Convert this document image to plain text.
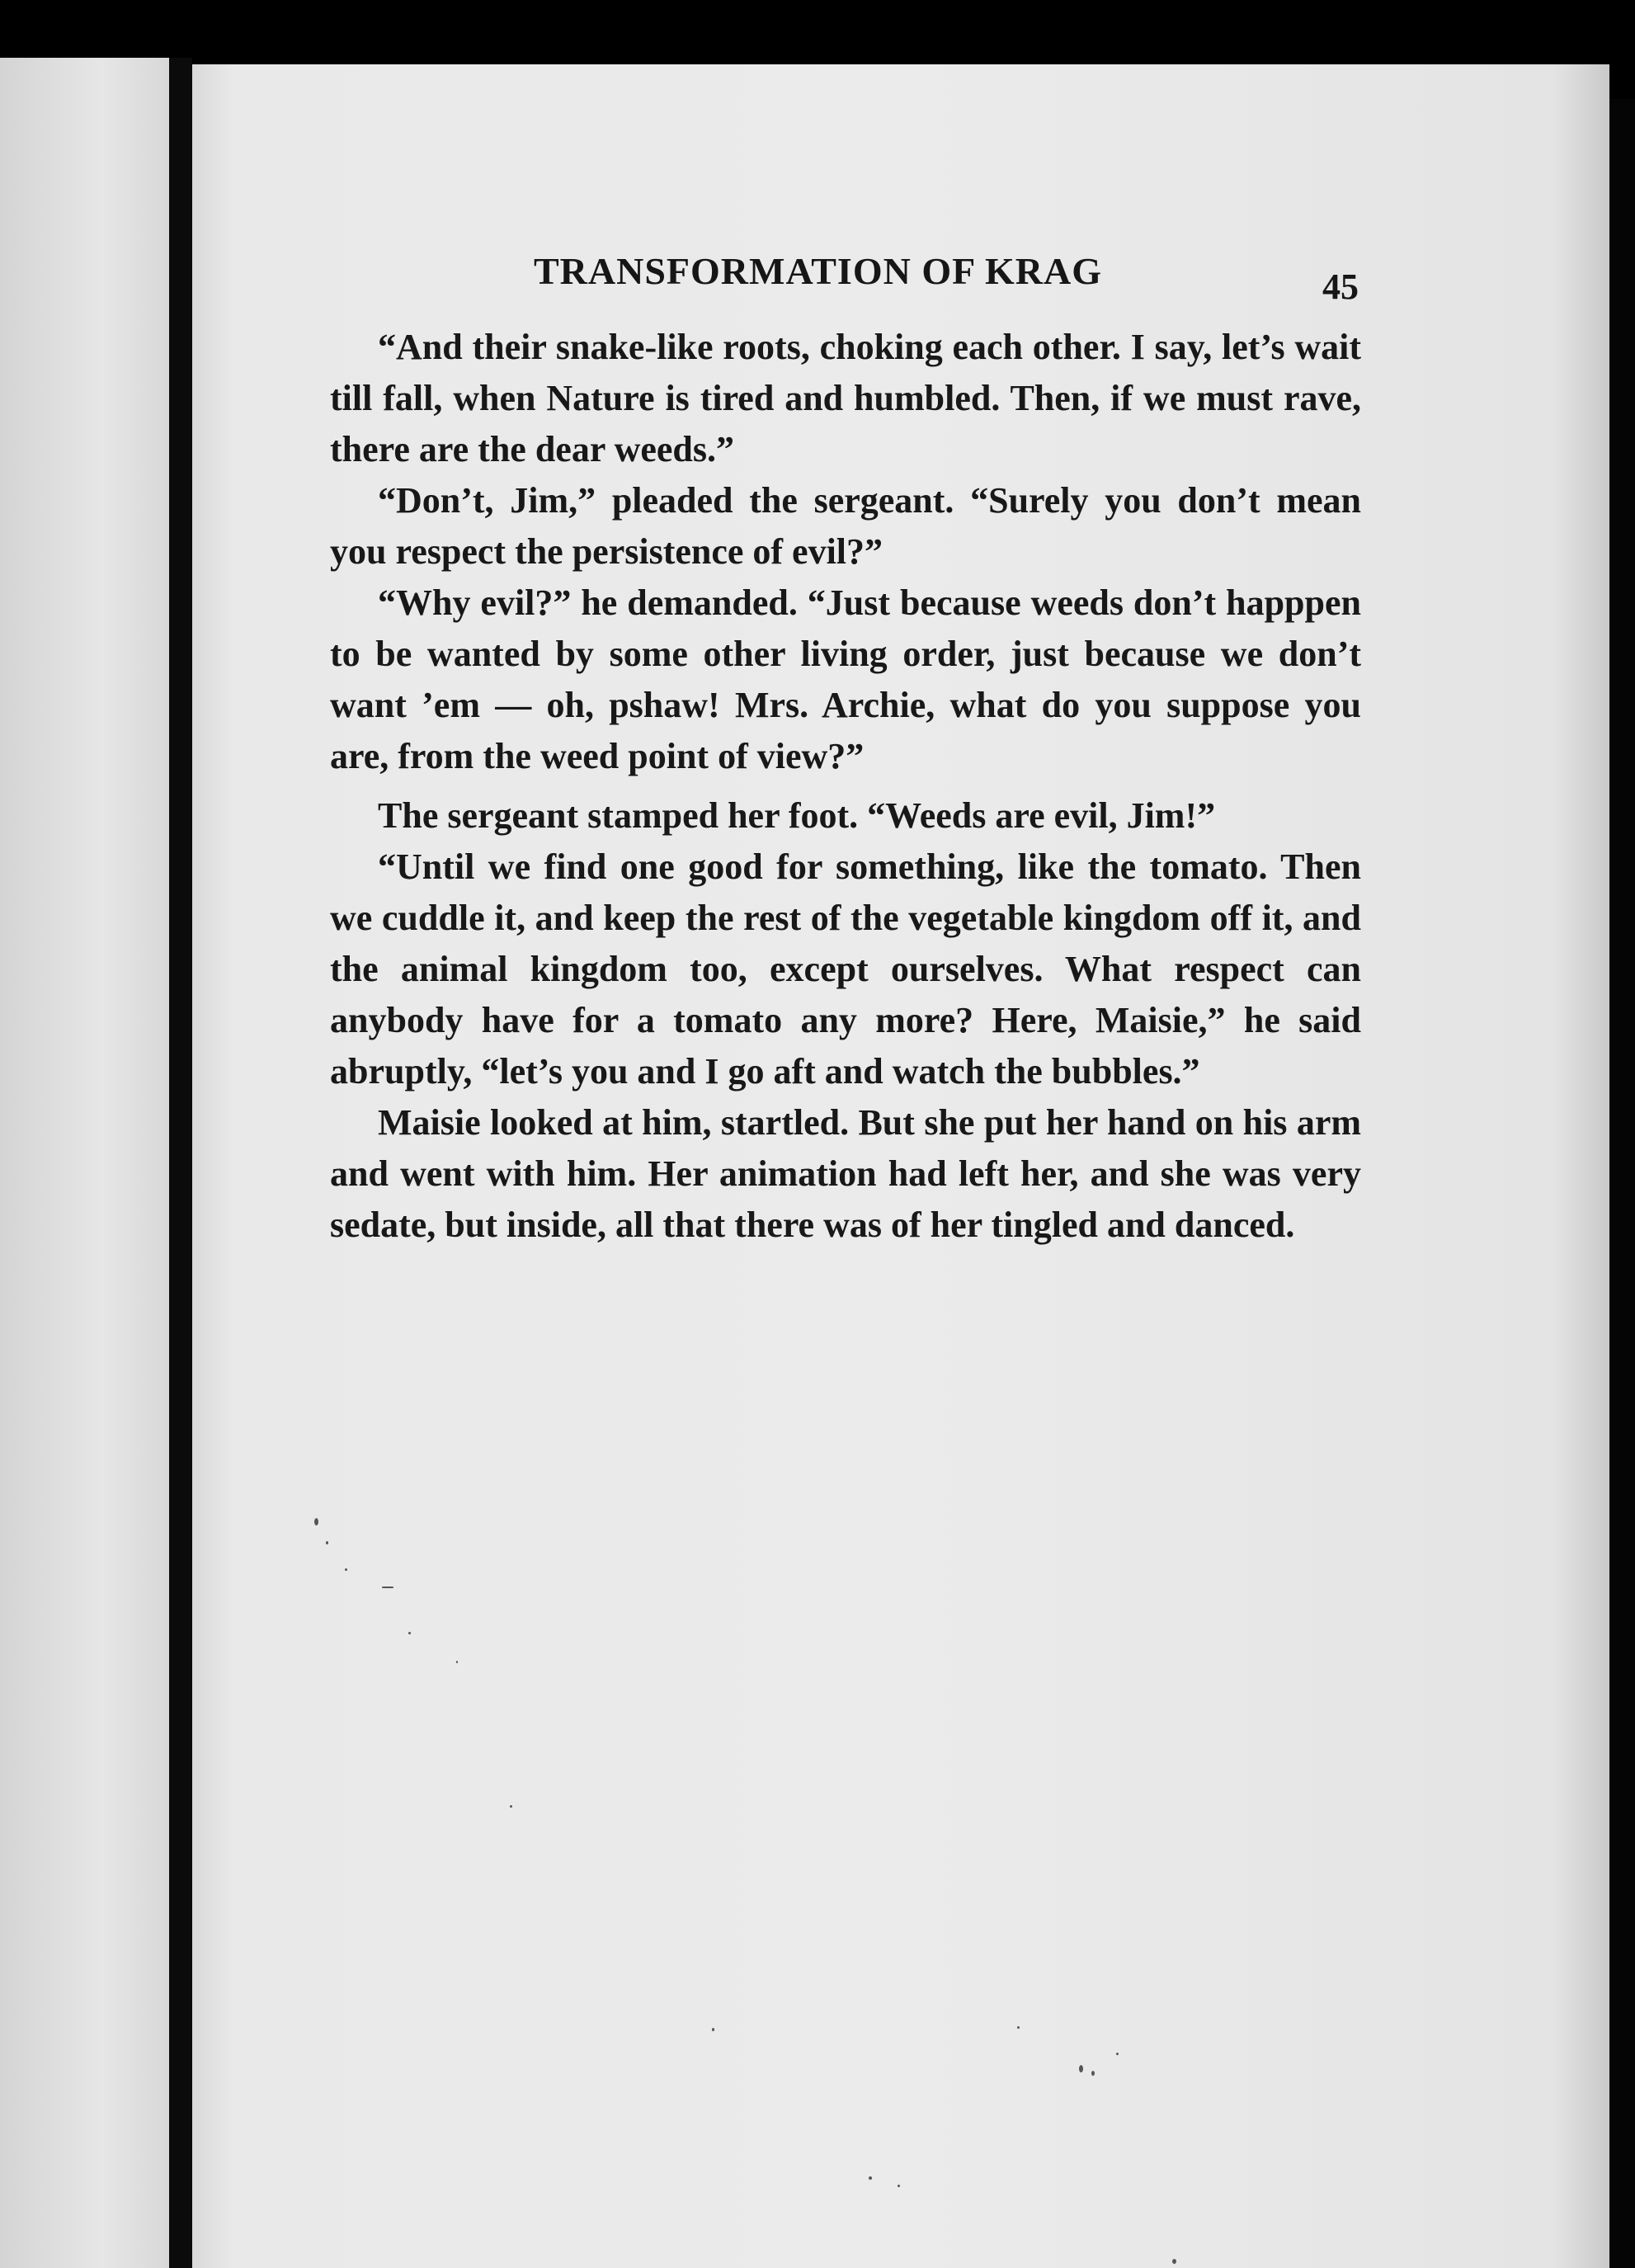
TRANSFORMATION OF KRAG	45

“And their snake-like roots, choking each other. I say, let’s wait till fall, when Nature is tired and humbled. Then, if we must rave, there are the dear weeds.”

“Don’t, Jim,” pleaded the sergeant. “Surely you don’t mean you respect the persistence of evil?”

“Why evil?” he demanded. “Just because weeds don’t happpen to be wanted by some other living order, just because we don’t want ’em — oh, pshaw! Mrs. Archie, what do you suppose you are, from the weed point of view?”

The sergeant stamped her foot. “Weeds are evil, Jim!”

“Until we find one good for something, like the tomato. Then we cuddle it, and keep the rest of the vegetable kingdom off it, and the animal kingdom too, except ourselves. What respect can anybody have for a tomato any more? Here, Maisie,” he said abruptly, “let’s you and I go aft and watch the bubbles.”

Maisie looked at him, startled. But she put her hand on his arm and went with him. Her animation had left her, and she was very sedate, but inside, all that there was of her tingled and danced.
